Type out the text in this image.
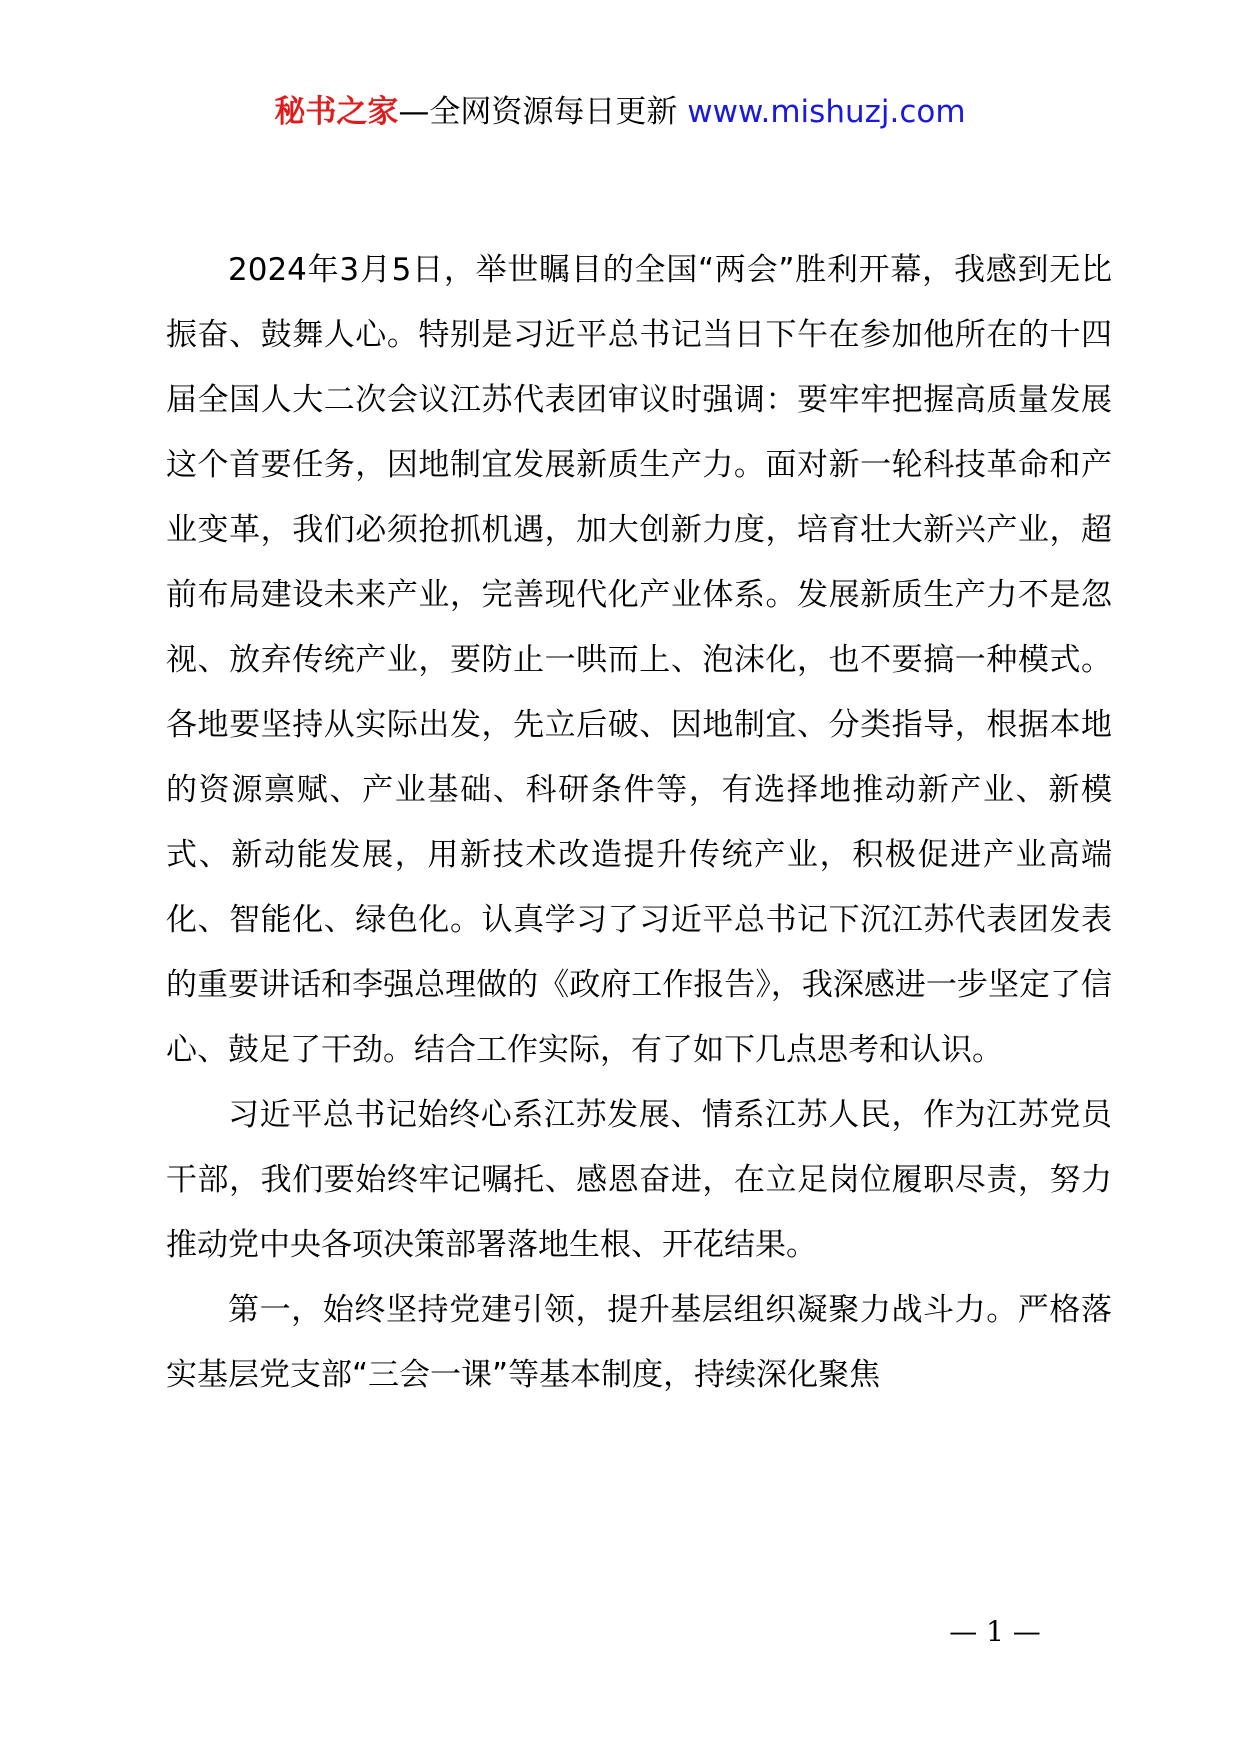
秘书之家—全网资源每日更新 www.mishuzj.com

2024年3月5日，举世瞩目的全国“两会”胜利开幕，我感到无比振奋、鼓舞人心。特别是习近平总书记当日下午在参加他所在的十四届全国人大二次会议江苏代表团审议时强调：要牢牢把握高质量发展这个首要任务，因地制宜发展新质生产力。面对新一轮科技革命和产业变革，我们必须抢抓机遇，加大创新力度，培育壮大新兴产业，超前布局建设未来产业，完善现代化产业体系。发展新质生产力不是忽视、放弃传统产业，要防止一哄而上、泡沫化，也不要搞一种模式。各地要坚持从实际出发，先立后破、因地制宜、分类指导，根据本地的资源禀赋、产业基础、科研条件等，有选择地推动新产业、新模式、新动能发展，用新技术改造提升传统产业，积极促进产业高端化、智能化、绿色化。认真学习了习近平总书记下沉江苏代表团发表的重要讲话和李强总理做的《政府工作报告》，我深感进一步坚定了信心、鼓足了干劲。结合工作实际，有了如下几点思考和认识。

习近平总书记始终心系江苏发展、情系江苏人民，作为江苏党员干部，我们要始终牢记嘱托、感恩奋进，在立足岗位履职尽责，努力推动党中央各项决策部署落地生根、开花结果。

第一，始终坚持党建引领，提升基层组织凝聚力战斗力。严格落实基层党支部“三会一课”等基本制度，持续深化聚焦

— 1 —
